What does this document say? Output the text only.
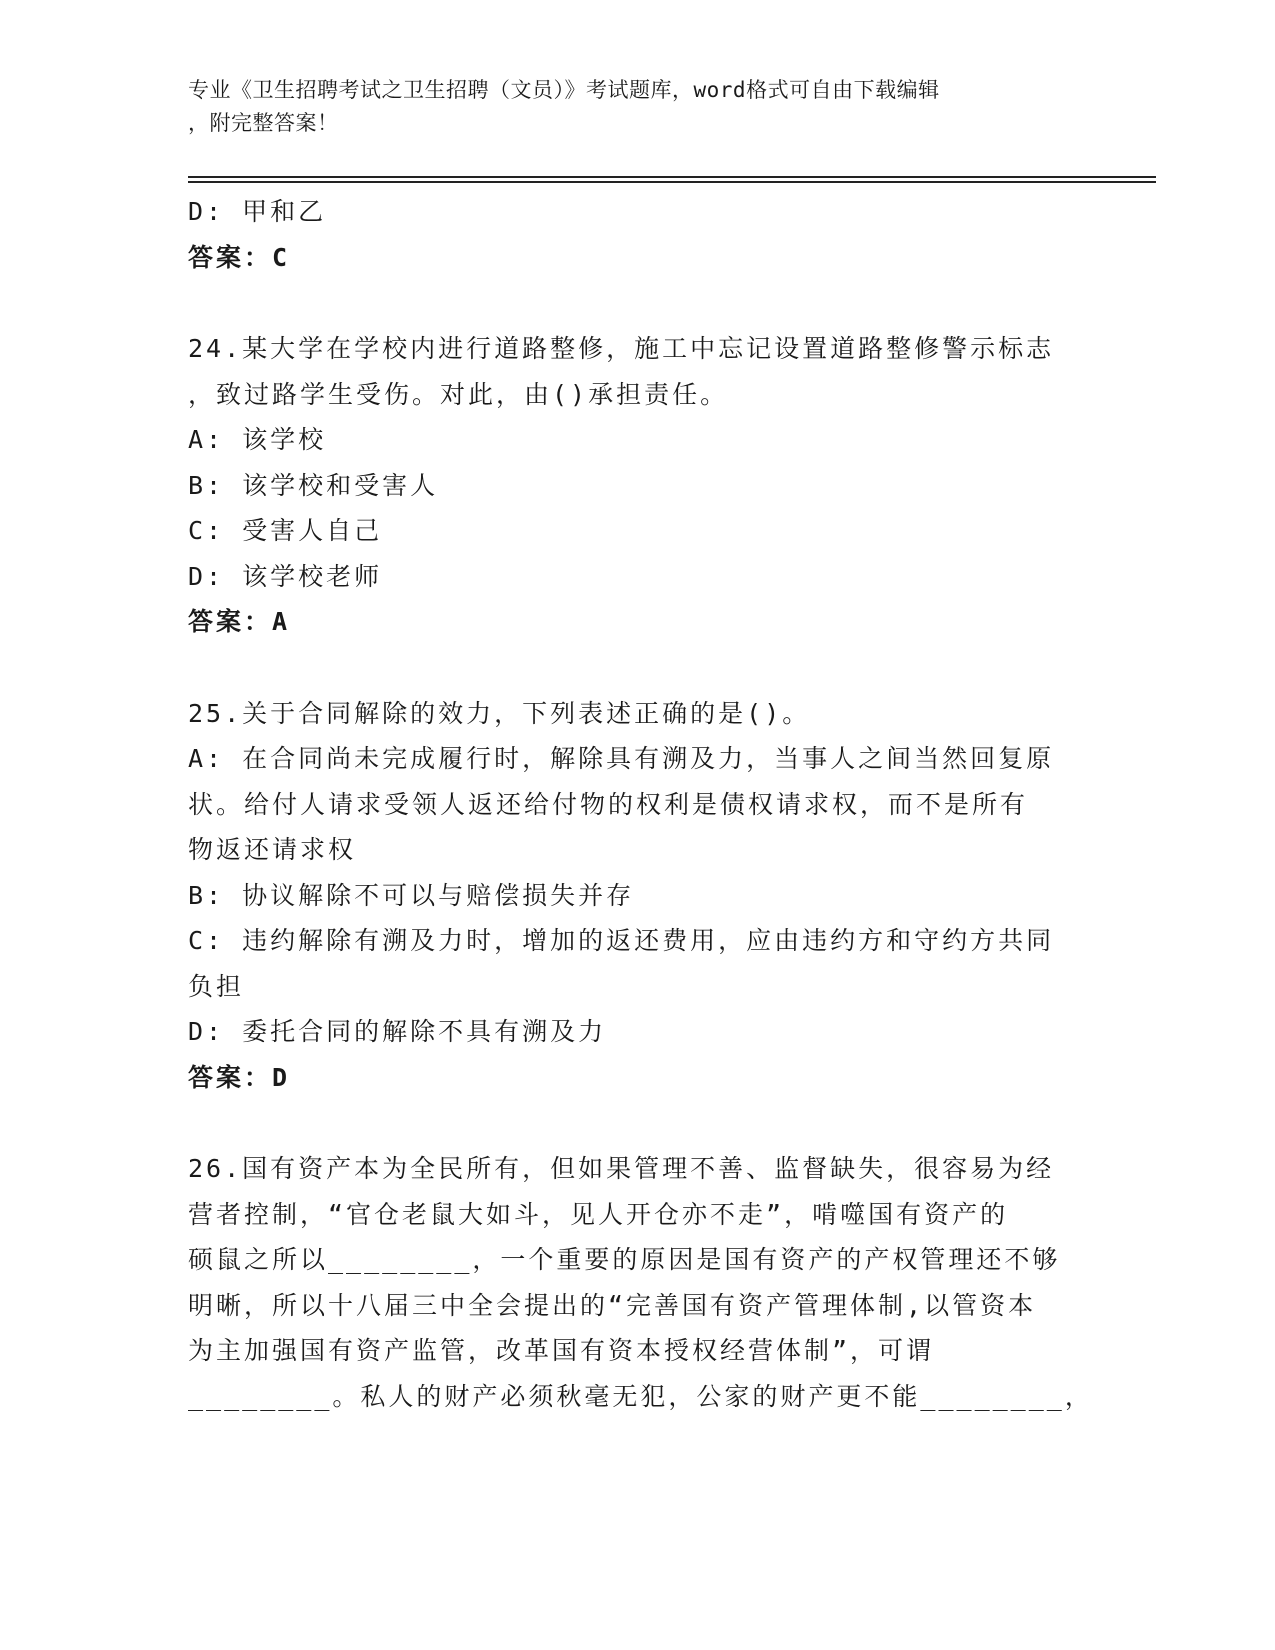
专业《卫生招聘考试之卫生招聘（文员）》考试题库，word格式可自由下载编辑
，附完整答案！
D: 甲和乙
答案：C
24.某大学在学校内进行道路整修，施工中忘记设置道路整修警示标志
，致过路学生受伤。对此，由()承担责任。
A: 该学校
B: 该学校和受害人
C: 受害人自己
D: 该学校老师
答案：A
25.关于合同解除的效力，下列表述正确的是()。
A: 在合同尚未完成履行时，解除具有溯及力，当事人之间当然回复原
状。给付人请求受领人返还给付物的权利是债权请求权，而不是所有
物返还请求权
B: 协议解除不可以与赔偿损失并存
C: 违约解除有溯及力时，增加的返还费用，应由违约方和守约方共同
负担
D: 委托合同的解除不具有溯及力
答案：D
26.国有资产本为全民所有，但如果管理不善、监督缺失，很容易为经
营者控制，“官仓老鼠大如斗，见人开仓亦不走”，啃噬国有资产的
硕鼠之所以________，一个重要的原因是国有资产的产权管理还不够
明晰，所以十八届三中全会提出的“完善国有资产管理体制,以管资本
为主加强国有资产监管，改革国有资本授权经营体制”，可谓
________。私人的财产必须秋毫无犯，公家的财产更不能________，
